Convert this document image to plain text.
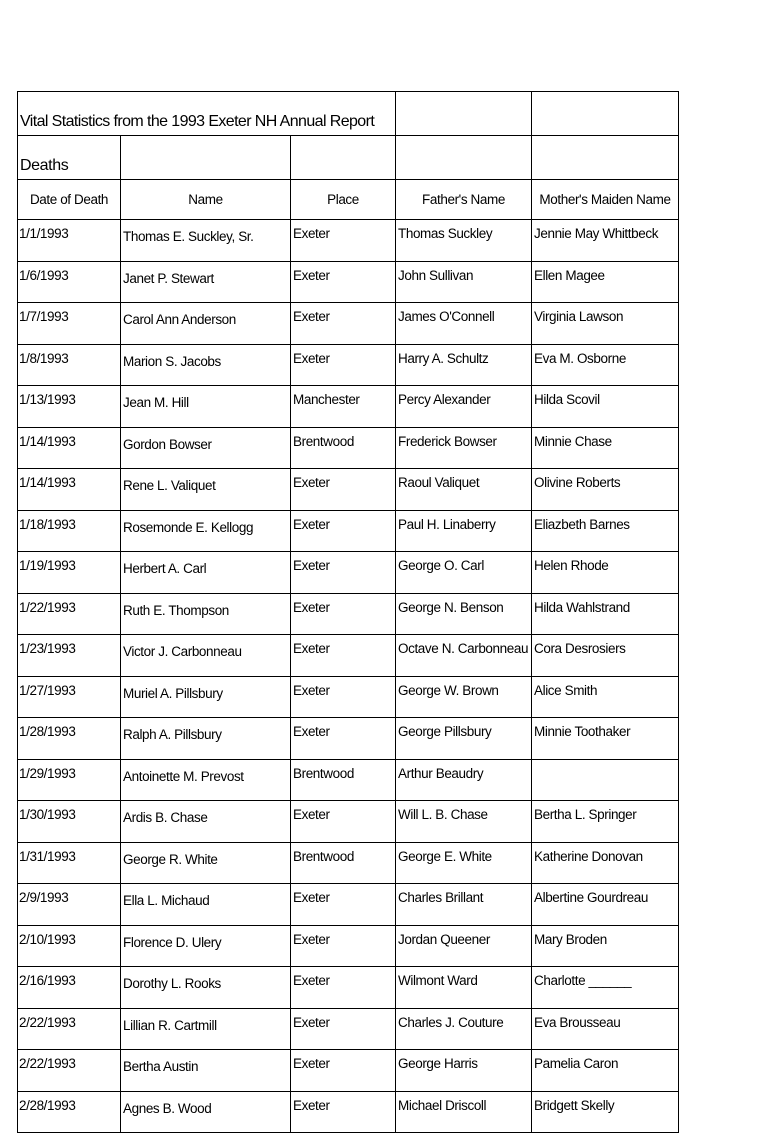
Vital Statistics from the 1993 Exeter NH Annual Report				
Deaths				
Date of Death	Name	Place	Father's Name	Mother's Maiden Name
1/1/1993	Thomas E. Suckley, Sr.	Exeter	Thomas Suckley	Jennie May Whittbeck
1/6/1993	Janet P. Stewart	Exeter	John Sullivan	Ellen Magee
1/7/1993	Carol Ann Anderson	Exeter	James O'Connell	Virginia Lawson
1/8/1993	Marion S. Jacobs	Exeter	Harry A. Schultz	Eva M. Osborne
1/13/1993	Jean M. Hill	Manchester	Percy Alexander	Hilda Scovil
1/14/1993	Gordon Bowser	Brentwood	Frederick Bowser	Minnie Chase
1/14/1993	Rene L. Valiquet	Exeter	Raoul Valiquet	Olivine Roberts
1/18/1993	Rosemonde E. Kellogg	Exeter	Paul H. Linaberry	Eliazbeth Barnes
1/19/1993	Herbert A. Carl	Exeter	George O. Carl	Helen Rhode
1/22/1993	Ruth E. Thompson	Exeter	George N. Benson	Hilda Wahlstrand
1/23/1993	Victor J. Carbonneau	Exeter	Octave N. Carbonneau	Cora Desrosiers
1/27/1993	Muriel A. Pillsbury	Exeter	George W. Brown	Alice Smith
1/28/1993	Ralph A. Pillsbury	Exeter	George Pillsbury	Minnie Toothaker
1/29/1993	Antoinette M. Prevost	Brentwood	Arthur Beaudry	
1/30/1993	Ardis B. Chase	Exeter	Will L. B. Chase	Bertha L. Springer
1/31/1993	George R. White	Brentwood	George E. White	Katherine Donovan
2/9/1993	Ella L. Michaud	Exeter	Charles Brillant	Albertine Gourdreau
2/10/1993	Florence D. Ulery	Exeter	Jordan Queener	Mary Broden
2/16/1993	Dorothy L. Rooks	Exeter	Wilmont Ward	Charlotte ______
2/22/1993	Lillian R. Cartmill	Exeter	Charles J. Couture	Eva Brousseau
2/22/1993	Bertha Austin	Exeter	George Harris	Pamelia Caron
2/28/1993	Agnes B. Wood	Exeter	Michael Driscoll	Bridgett Skelly
